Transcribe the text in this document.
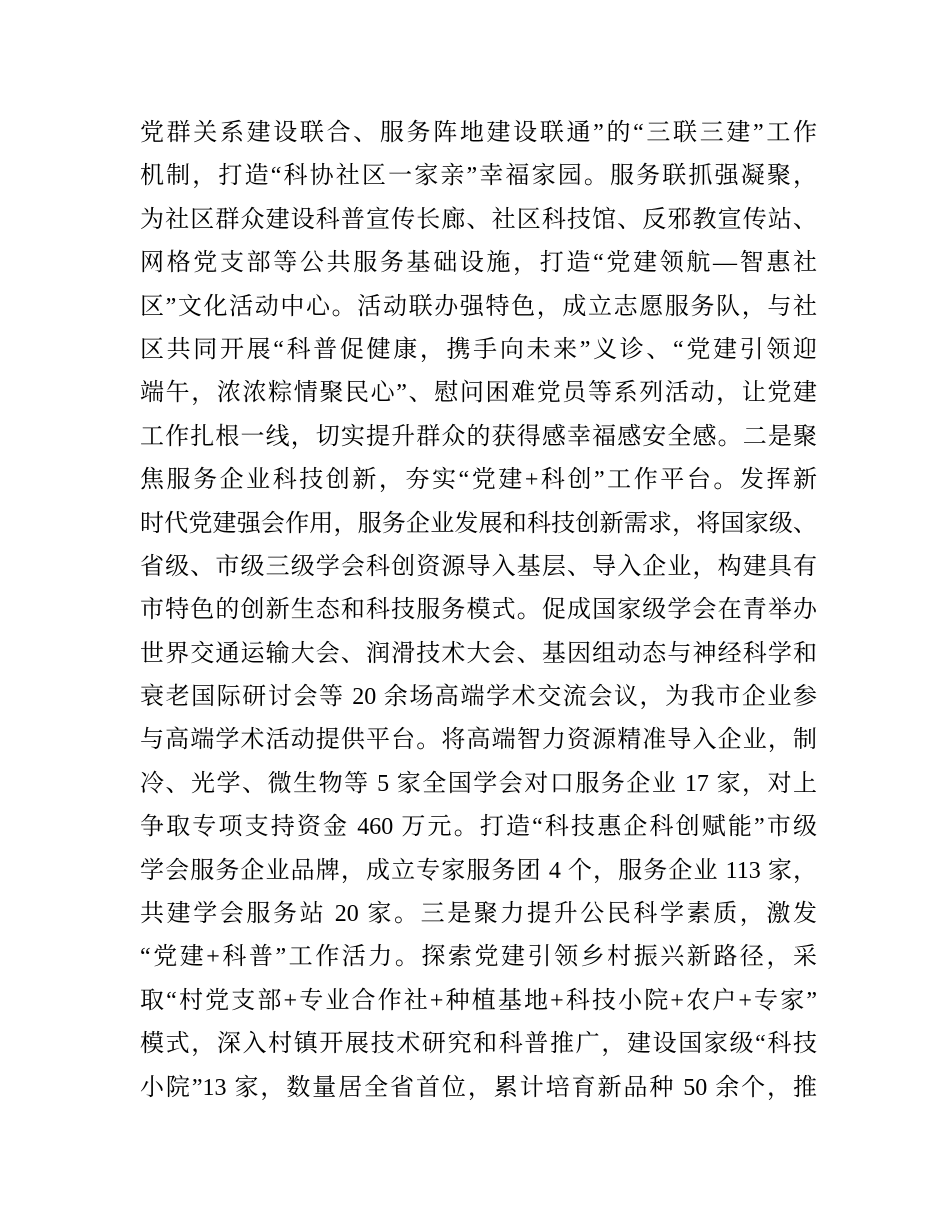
党群关系建设联合、服务阵地建设联通”的“三联三建”工作
机制，打造“科协社区一家亲”幸福家园。服务联抓强凝聚，
为社区群众建设科普宣传长廊、社区科技馆、反邪教宣传站、
网格党支部等公共服务基础设施，打造“党建领航—智惠社
区”文化活动中心。活动联办强特色，成立志愿服务队，与社
区共同开展“科普促健康，携手向未来”义诊、“党建引领迎
端午，浓浓粽情聚民心”、慰问困难党员等系列活动，让党建
工作扎根一线，切实提升群众的获得感幸福感安全感。二是聚
焦服务企业科技创新，夯实“党建+科创”工作平台。发挥新
时代党建强会作用，服务企业发展和科技创新需求，将国家级、
省级、市级三级学会科创资源导入基层、导入企业，构建具有
市特色的创新生态和科技服务模式。促成国家级学会在青举办
世界交通运输大会、润滑技术大会、基因组动态与神经科学和
衰老国际研讨会等 20 余场高端学术交流会议，为我市企业参
与高端学术活动提供平台。将高端智力资源精准导入企业，制
冷、光学、微生物等 5 家全国学会对口服务企业 17 家，对上
争取专项支持资金 460 万元。打造“科技惠企科创赋能”市级
学会服务企业品牌，成立专家服务团 4 个，服务企业 113 家，
共建学会服务站 20 家。三是聚力提升公民科学素质，激发
“党建+科普”工作活力。探索党建引领乡村振兴新路径，采
取“村党支部+专业合作社+种植基地+科技小院+农户+专家”
模式，深入村镇开展技术研究和科普推广，建设国家级“科技
小院”13 家，数量居全省首位，累计培育新品种 50 余个，推
